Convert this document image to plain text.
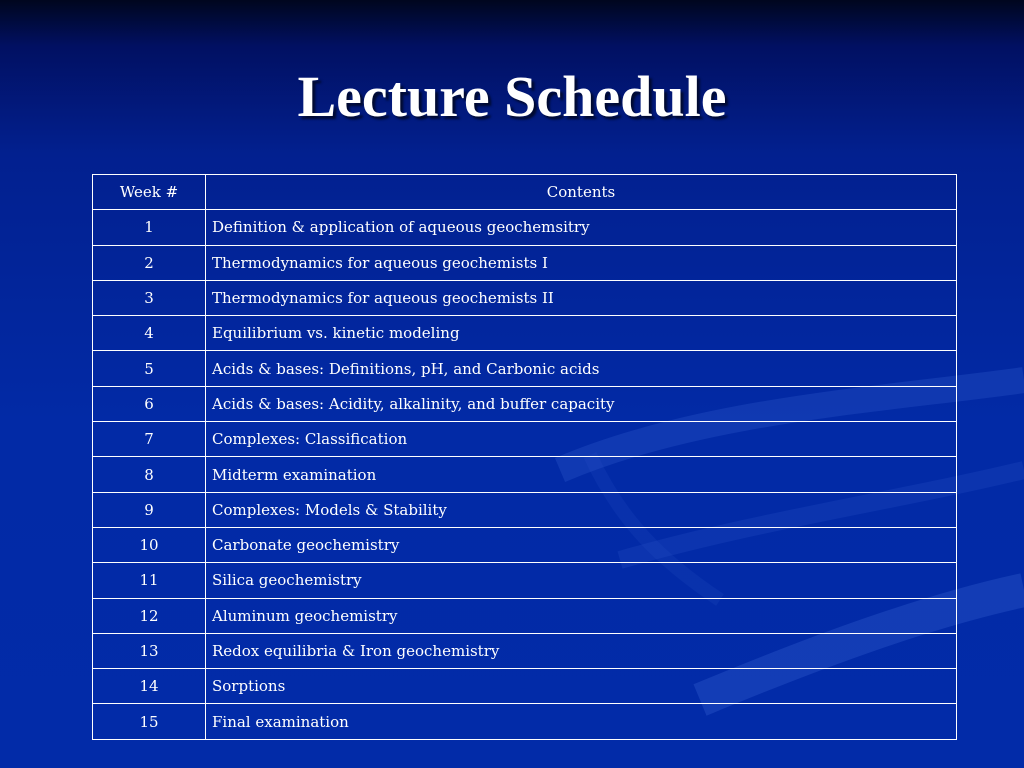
Lecture Schedule
Week #	Contents
1	Definition & application of aqueous geochemsitry
2	Thermodynamics for aqueous geochemists I
3	Thermodynamics for aqueous geochemists II
4	Equilibrium vs. kinetic modeling
5	Acids & bases: Definitions, pH, and Carbonic acids
6	Acids & bases: Acidity, alkalinity, and buffer capacity
7	Complexes: Classification
8	Midterm examination
9	Complexes: Models & Stability
10	Carbonate geochemistry
11	Silica geochemistry
12	Aluminum geochemistry
13	Redox equilibria & Iron geochemistry
14	Sorptions
15	Final examination
